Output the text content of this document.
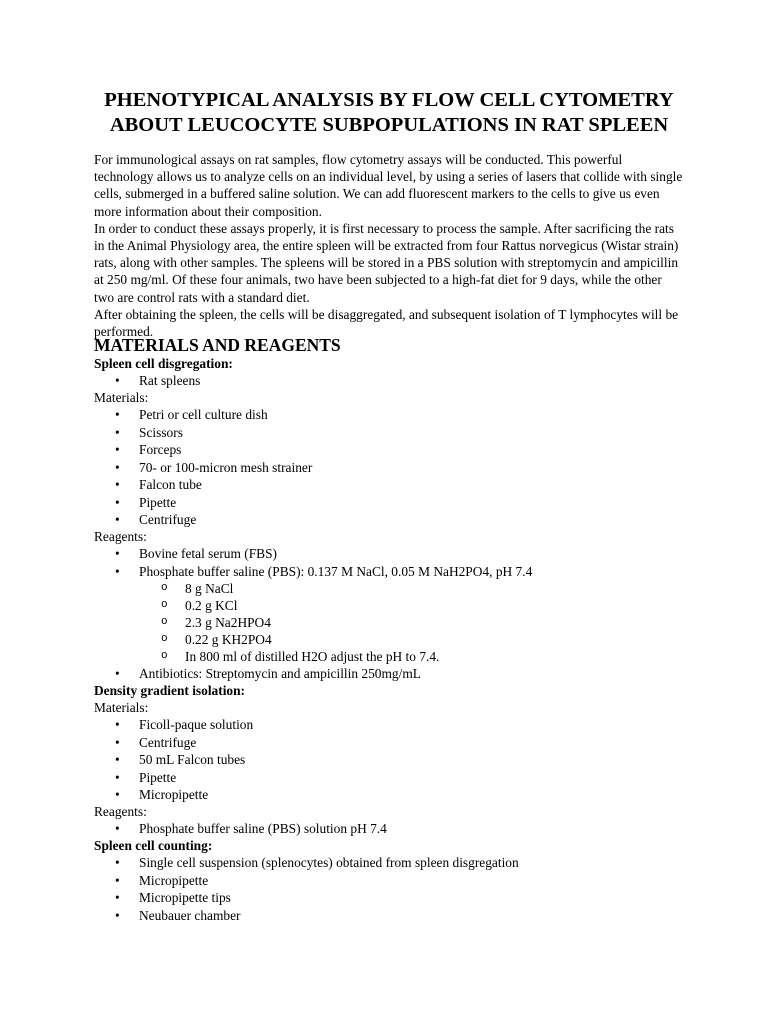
PHENOTYPICAL ANALYSIS BY FLOW CELL CYTOMETRY
ABOUT LEUCOCYTE SUBPOPULATIONS IN RAT SPLEEN

For immunological assays on rat samples, flow cytometry assays will be conducted. This powerful technology allows us to analyze cells on an individual level, by using a series of lasers that collide with single cells, submerged in a buffered saline solution. We can add fluorescent markers to the cells to give us even more information about their composition.

In order to conduct these assays properly, it is first necessary to process the sample. After sacrificing the rats in the Animal Physiology area, the entire spleen will be extracted from four Rattus norvegicus (Wistar strain) rats, along with other samples. The spleens will be stored in a PBS solution with streptomycin and ampicillin at 250 mg/ml. Of these four animals, two have been subjected to a high-fat diet for 9 days, while the other two are control rats with a standard diet.

After obtaining the spleen, the cells will be disaggregated, and subsequent isolation of T lymphocytes will be performed.

MATERIALS AND REAGENTS
Spleen cell disgregation:
• Rat spleens
Materials:
• Petri or cell culture dish
• Scissors
• Forceps
• 70- or 100-micron mesh strainer
• Falcon tube
• Pipette
• Centrifuge
Reagents:
• Bovine fetal serum (FBS)
• Phosphate buffer saline (PBS): 0.137 M NaCl, 0.05 M NaH2PO4, pH 7.4
o 8 g NaCl
o 0.2 g KCl
o 2.3 g Na2HPO4
o 0.22 g KH2PO4
o In 800 ml of distilled H2O adjust the pH to 7.4.
• Antibiotics: Streptomycin and ampicillin 250mg/mL
Density gradient isolation:
Materials:
• Ficoll-paque solution
• Centrifuge
• 50 mL Falcon tubes
• Pipette
• Micropipette
Reagents:
• Phosphate buffer saline (PBS) solution pH 7.4
Spleen cell counting:
• Single cell suspension (splenocytes) obtained from spleen disgregation
• Micropipette
• Micropipette tips
• Neubauer chamber
